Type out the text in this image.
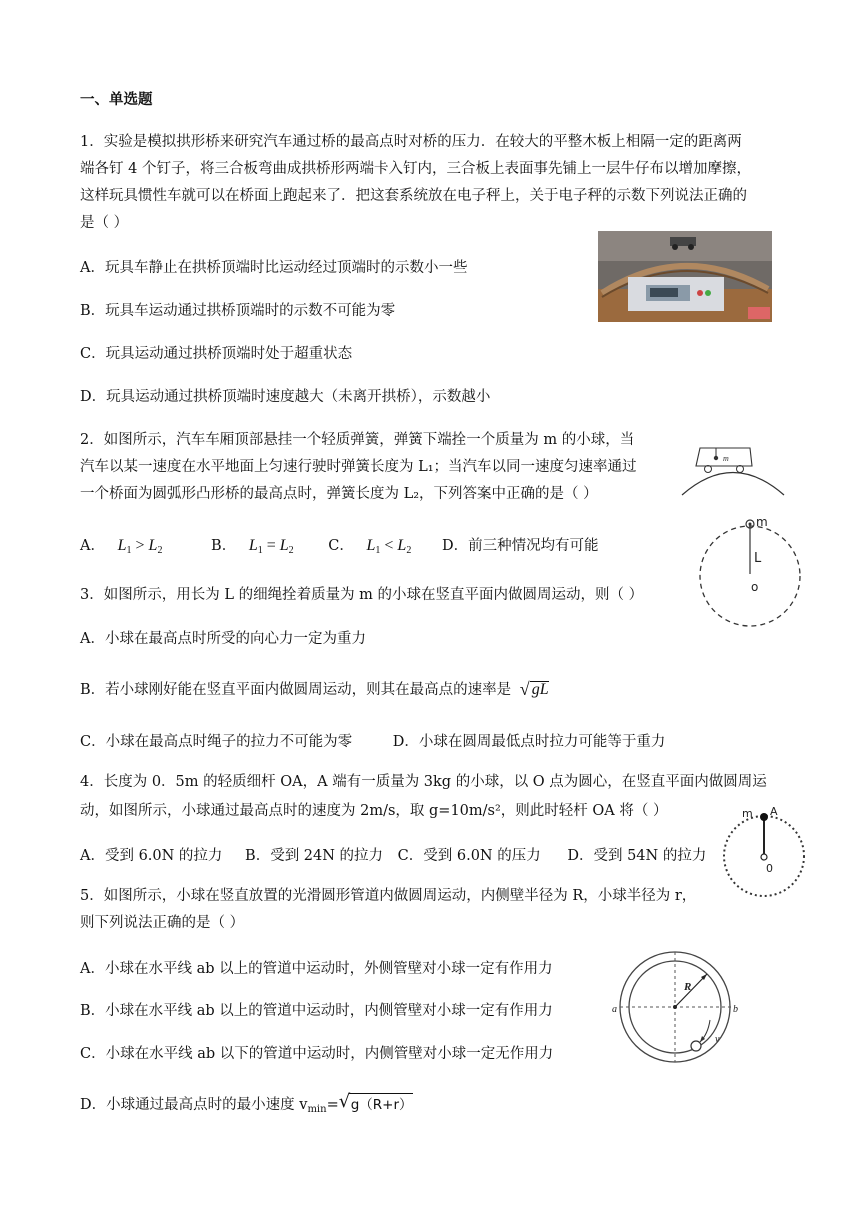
一、单选题
1．实验是模拟拱形桥来研究汽车通过桥的最高点时对桥的压力．在较大的平整木板上相隔一定的距离两
端各钉 4 个钉子，将三合板弯曲成拱桥形两端卡入钉内，三合板上表面事先铺上一层牛仔布以增加摩擦，
这样玩具惯性车就可以在桥面上跑起来了．把这套系统放在电子秤上，关于电子秤的示数下列说法正确的
是（ ）
A．玩具车静止在拱桥顶端时比运动经过顶端时的示数小一些
B．玩具车运动通过拱桥顶端时的示数不可能为零
C．玩具运动通过拱桥顶端时处于超重状态
D．玩具运动通过拱桥顶端时速度越大（未离开拱桥），示数越小
2．如图所示，汽车车厢顶部悬挂一个轻质弹簧，弹簧下端拴一个质量为 m 的小球，当
汽车以某一速度在水平地面上匀速行驶时弹簧长度为 L₁；当汽车以同一速度匀速率通过
一个桥面为圆弧形凸形桥的最高点时，弹簧长度为 L₂，下列答案中正确的是（ ）
A． $L_1 > L_2$	B． $L_1 = L_2$ C． $L_1 < L_2$ D．前三种情况均有可能
m
3．如图所示，用长为 L 的细绳拴着质量为 m 的小球在竖直平面内做圆周运动，则（ ）
A．小球在最高点时所受的向心力一定为重力
B．若小球刚好能在竖直平面内做圆周运动，则其在最高点的速率是 √ gL
C．小球在最高点时绳子的拉力不可能为零	D．小球在圆周最低点时拉力可能等于重力
m
L
o
4．长度为 0．5m 的轻质细杆 OA，A 端有一质量为 3kg 的小球，以 O 点为圆心，在竖直平面内做圆周运
动，如图所示，小球通过最高点时的速度为 2m/s，取 g=10m/s²，则此时轻杆 OA 将（ ）
A．受到 6.0N 的拉力 B．受到 24N 的拉力 C．受到 6.0N 的压力 D．受到 54N 的拉力
m A
0
5．如图所示，小球在竖直放置的光滑圆形管道内做圆周运动，内侧壁半径为 R，小球半径为 r，
则下列说法正确的是（ ）
A．小球在水平线 ab 以上的管道中运动时，外侧管壁对小球一定有作用力
B．小球在水平线 ab 以上的管道中运动时，内侧管壁对小球一定有作用力
C．小球在水平线 ab 以下的管道中运动时，内侧管壁对小球一定无作用力
D．小球通过最高点时的最小速度 $v_{min}=$ √ g（R+r）
R
a	b
v
